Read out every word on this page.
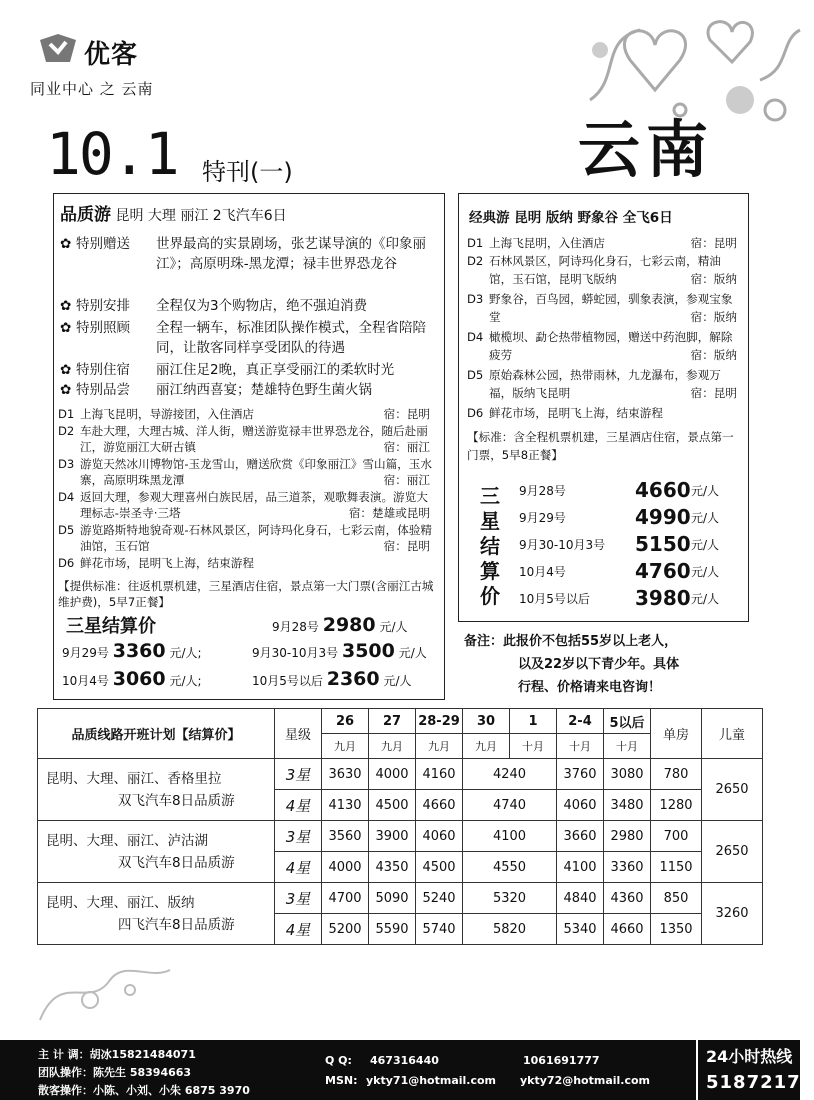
优客
同业中心 之 云南
10.1 特刊(一)	云南
品质游 昆明 大理 丽江 2飞汽车6日
✿ 特别赠送 世界最高的实景剧场，张艺谋导演的《印象丽江》；高原明珠-黑龙潭；禄丰世界恐龙谷
✿ 特别安排 全程仅为3个购物店，绝不强迫消费
✿ 特别照顾 全程一辆车，标准团队操作模式，全程省陪陪同，让散客同样享受团队的待遇
✿ 特别住宿 丽江住足2晚，真正享受丽江的柔软时光
✿ 特别品尝 丽江纳西喜宴；楚雄特色野生菌火锅
D1 上海飞昆明，导游接团，入住酒店	宿：昆明
D2 车赴大理，大理古城、洋人街，赠送游览禄丰世界恐龙谷，随后赴丽江，游览丽江大研古镇	宿：丽江
D3 游览天然冰川博物馆-玉龙雪山，赠送欣赏《印象丽江》雪山篇，玉水寨，高原明珠黑龙潭	宿：丽江
D4 返回大理，参观大理喜州白族民居，品三道茶，观歌舞表演。游览大理标志-崇圣寺·三塔	宿：楚雄或昆明
D5 游览路斯特地貌奇观-石林风景区，阿诗玛化身石，七彩云南，体验精油馆，玉石馆	宿：昆明
D6 鲜花市场，昆明飞上海，结束游程
【提供标准：往返机票机建，三星酒店住宿，景点第一大门票(含丽江古城维护费)，5早7正餐】
三星结算价	9月28号 2980 元/人
9月29号 3360 元/人;	9月30-10月3号 3500 元/人
10月4号 3060 元/人;	10月5号以后 2360 元/人
经典游 昆明 版纳 野象谷 全飞6日
D1 上海飞昆明，入住酒店	宿：昆明
D2 石林风景区，阿诗玛化身石，七彩云南，精油馆，玉石馆，昆明飞版纳	宿：版纳
D3 野象谷，百鸟园，蟒蛇园，驯象表演，参观宝象堂	宿：版纳
D4 橄榄坝、勐仑热带植物园，赠送中药泡脚，解除疲劳	宿：版纳
D5 原始森林公园，热带雨林，九龙瀑布，参观万福，版纳飞昆明	宿：昆明
D6 鲜花市场，昆明飞上海，结束游程
【标准：含全程机票机建，三星酒店住宿，景点第一门票，5早8正餐】
三
星
结
算
价
9月28号	4660 元/人
9月29号	4990 元/人
9月30-10月3号 5150 元/人
10月4号	4760 元/人
10月5号以后 3980 元/人
备注：此报价不包括55岁以上老人，
以及22岁以下青少年。具体
行程、价格请来电咨询！
品质线路开班计划【结算价】	星级	26	27	28-29	30	1	2-4	5以后	单房	儿童
		九月	九月	九月	九月	十月	十月	十月		

昆明、大理、丽江、香格里拉
双飞汽车8日品质游	3星	3630	4000	4160	4240		3760	3080	780	2650
	4星	4130	4500	4660	4740		4060	3480	1280	

昆明、大理、丽江、泸沽湖
双飞汽车8日品质游	3星	3560	3900	4060	4100		3660	2980	700	2650
	4星	4000	4350	4500	4550		4100	3360	1150	

昆明、大理、丽江、版纳
四飞汽车8日品质游	3星	4700	5090	5240	5320		4840	4360	850	3260
	4星	5200	5590	5740	5820		5340	4660	1350	
主 计 调：胡冰15821484071
团队操作：陈先生 58394663
散客操作：小陈、小刘、小朱 6875 3970
Q Q: 467316440	1061691777
MSN: ykty71@hotmail.com ykty72@hotmail.com
24小时热线
51872171
